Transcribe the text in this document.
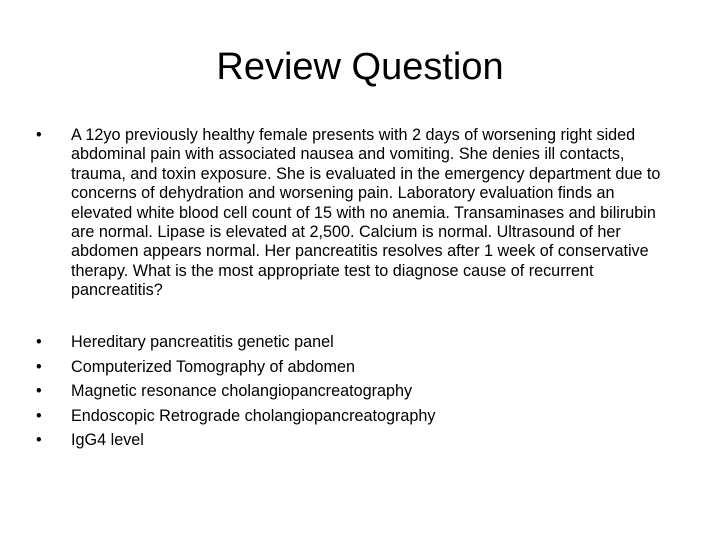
Review Question
•	A 12yo previously healthy female presents with 2 days of worsening right sided abdominal pain with associated nausea and vomiting. She denies ill contacts, trauma, and toxin exposure. She is evaluated in the emergency department due to concerns of dehydration and worsening pain. Laboratory evaluation finds an elevated white blood cell count of 15 with no anemia. Transaminases and bilirubin are normal. Lipase is elevated at 2,500. Calcium is normal. Ultrasound of her abdomen appears normal. Her pancreatitis resolves after 1 week of conservative therapy. What is the most appropriate test to diagnose cause of recurrent pancreatitis?
•	Hereditary pancreatitis genetic panel
•	Computerized Tomography of abdomen
•	Magnetic resonance cholangiopancreatography
•	Endoscopic Retrograde cholangiopancreatography
•	IgG4 level
